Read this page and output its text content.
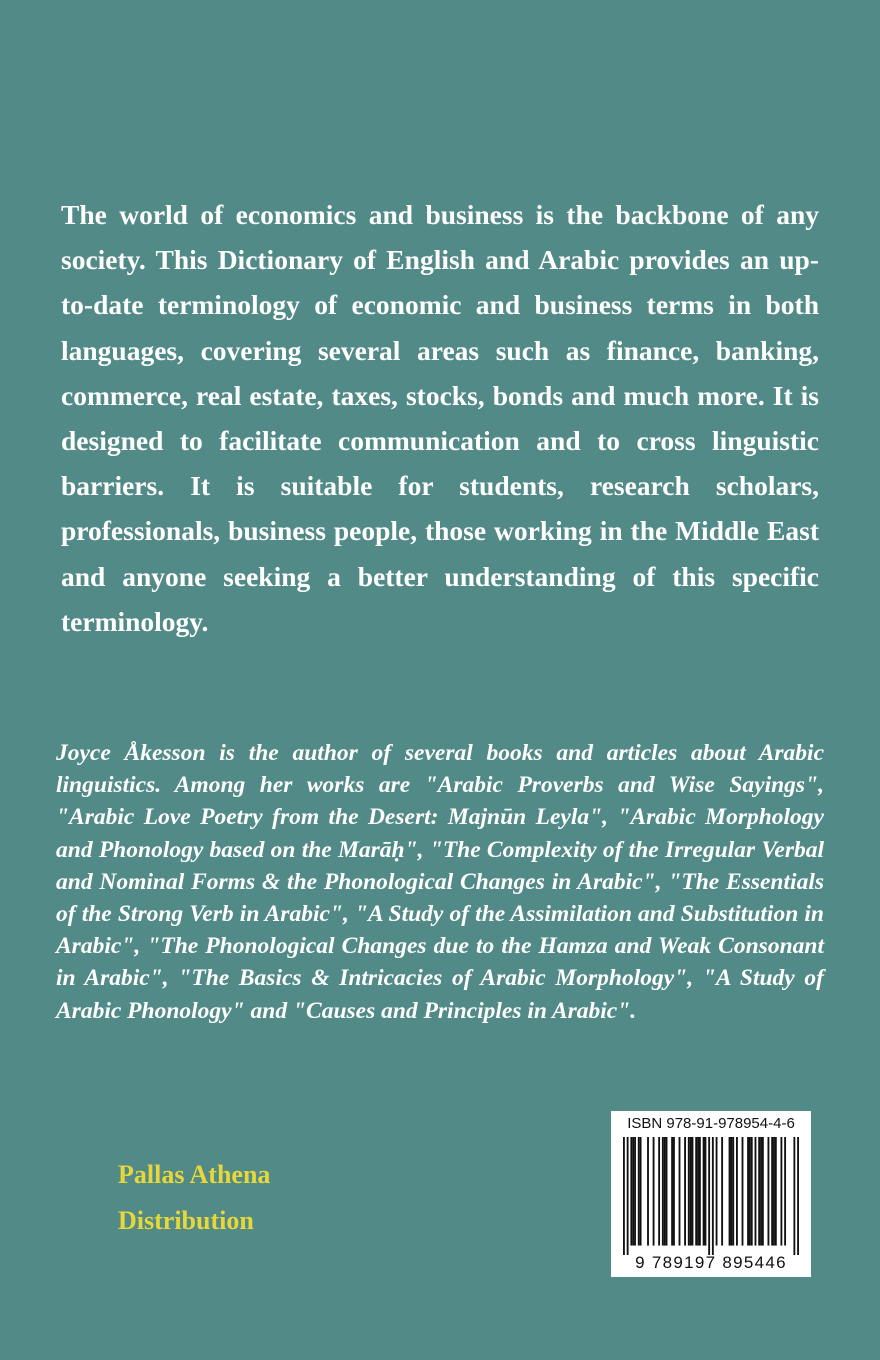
The world of economics and business is the backbone of any society. This Dictionary of English and Arabic provides an up-to-date terminology of economic and business terms in both languages, covering several areas such as finance, banking, commerce, real estate, taxes, stocks, bonds and much more. It is designed to facilitate communication and to cross linguistic barriers. It is suitable for students, research scholars, professionals, business people, those working in the Middle East and anyone seeking a better understanding of this specific terminology.

Joyce Åkesson is the author of several books and articles about Arabic linguistics. Among her works are "Arabic Proverbs and Wise Sayings", "Arabic Love Poetry from the Desert: Majnūn Leyla", "Arabic Morphology and Phonology based on the Marāḥ", "The Complexity of the Irregular Verbal and Nominal Forms & the Phonological Changes in Arabic", "The Essentials of the Strong Verb in Arabic", "A Study of the Assimilation and Substitution in Arabic", "The Phonological Changes due to the Hamza and Weak Consonant in Arabic", "The Basics & Intricacies of Arabic Morphology", "A Study of Arabic Phonology" and "Causes and Principles in Arabic".

Pallas Athena
Distribution
ISBN 978-91-978954-4-6
9 789197 895446
